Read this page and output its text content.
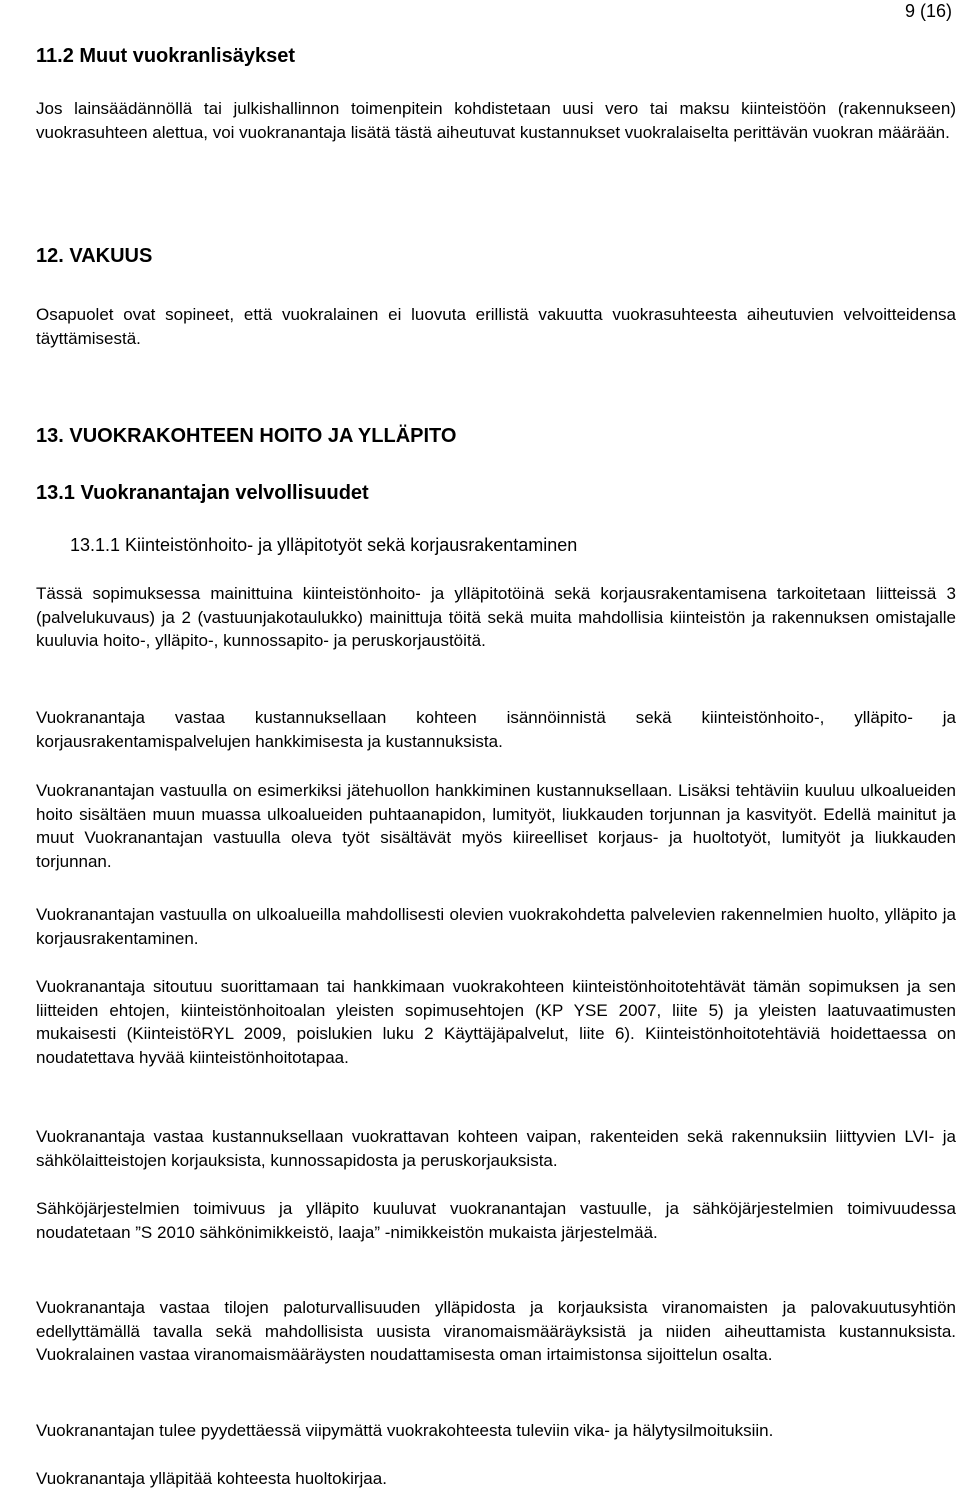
9 (16)
11.2 Muut vuokranlisäykset
Jos lainsäädännöllä tai julkishallinnon toimenpitein kohdistetaan uusi vero tai maksu kiinteistöön (rakennukseen) vuokrasuhteen alettua, voi vuokranantaja lisätä tästä aiheutuvat kustannukset vuokralaiselta perittävän vuokran määrään.
12. VAKUUS
Osapuolet ovat sopineet, että vuokralainen ei luovuta erillistä vakuutta vuokrasuhteesta aiheutuvien velvoitteidensa täyttämisestä.
13. VUOKRAKOHTEEN HOITO JA YLLÄPITO
13.1 Vuokranantajan velvollisuudet
13.1.1 Kiinteistönhoito- ja ylläpitotyöt sekä korjausrakentaminen
Tässä sopimuksessa mainittuina kiinteistönhoito- ja ylläpitotöinä sekä korjausrakentamisena tarkoitetaan liitteissä 3 (palvelukuvaus) ja 2 (vastuunjakotaulukko) mainittuja töitä sekä muita mahdollisia kiinteistön ja rakennuksen omistajalle kuuluvia hoito-, ylläpito-, kunnossapito- ja peruskorjaustöitä.
Vuokranantaja vastaa kustannuksellaan kohteen isännöinnistä sekä kiinteistönhoito-, ylläpito- ja korjausrakentamispalvelujen hankkimisesta ja kustannuksista.
Vuokranantajan vastuulla on esimerkiksi jätehuollon hankkiminen kustannuksellaan. Lisäksi tehtäviin kuuluu ulkoalueiden hoito sisältäen muun muassa ulkoalueiden puhtaanapidon, lumityöt, liukkauden torjunnan ja kasvityöt. Edellä mainitut ja muut Vuokranantajan vastuulla oleva työt sisältävät myös kiireelliset korjaus- ja huoltotyöt, lumityöt ja liukkauden torjunnan.
Vuokranantajan vastuulla on ulkoalueilla mahdollisesti olevien vuokrakohdetta palvelevien rakennelmien huolto, ylläpito ja korjausrakentaminen.
Vuokranantaja sitoutuu suorittamaan tai hankkimaan vuokrakohteen kiinteistönhoitotehtävät tämän sopimuksen ja sen liitteiden ehtojen, kiinteistönhoitoalan yleisten sopimusehtojen (KP YSE 2007, liite 5) ja yleisten laatuvaatimusten mukaisesti (KiinteistöRYL 2009, poislukien luku 2 Käyttäjäpalvelut, liite 6). Kiinteistönhoitotehtäviä hoidettaessa on noudatettava hyvää kiinteistönhoitotapaa.
Vuokranantaja vastaa kustannuksellaan vuokrattavan kohteen vaipan, rakenteiden sekä rakennuksiin liittyvien LVI- ja sähkölaitteistojen korjauksista, kunnossapidosta ja peruskorjauksista.
Sähköjärjestelmien toimivuus ja ylläpito kuuluvat vuokranantajan vastuulle, ja sähköjärjestelmien toimivuudessa noudatetaan ”S 2010 sähkönimikkeistö, laaja” -nimikkeistön mukaista järjestelmää.
Vuokranantaja vastaa tilojen paloturvallisuuden ylläpidosta ja korjauksista viranomaisten ja palovakuutusyhtiön edellyttämällä tavalla sekä mahdollisista uusista viranomaismääräyksistä ja niiden aiheuttamista kustannuksista. Vuokralainen vastaa viranomaismääräysten noudattamisesta oman irtaimistonsa sijoittelun osalta.
Vuokranantajan tulee pyydettäessä viipymättä vuokrakohteesta tuleviin vika- ja hälytysilmoituksiin.
Vuokranantaja ylläpitää kohteesta huoltokirjaa.
